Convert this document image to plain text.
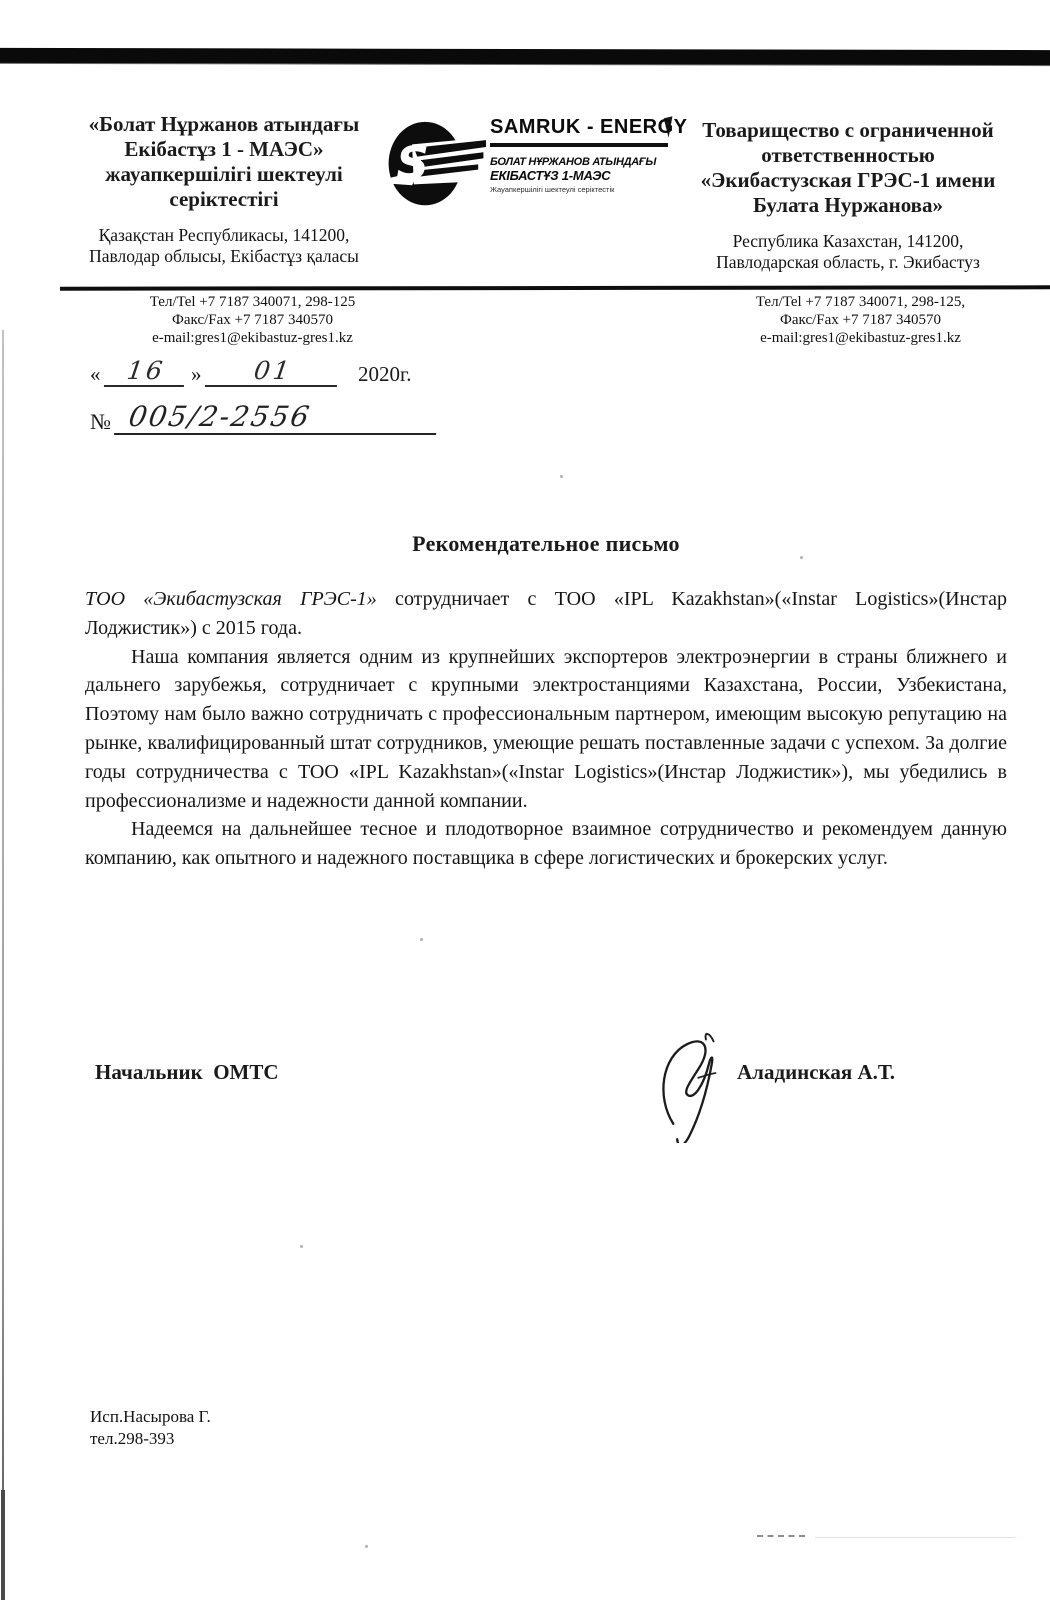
«Болат Нұржанов атындағы
Екібастұз 1 - МАЭС»
жауапкершілігі шектеулі
серіктестігі
Қазақстан Республикасы, 141200,
Павлодар облысы, Екібастұз қаласы
S
SAMRUK - ENERGY
БОЛАТ НҰРЖАНОВ АТЫНДАҒЫ
ЕКІБАСТҰЗ 1-МАЭС
Жауапкершілігі шектеулі серіктестік
Товарищество с ограниченной
ответственностью
«Экибастузская ГРЭС-1 имени
Булата Нуржанова»
Республика Казахстан, 141200,
Павлодарская область, г. Экибастуз
Тел/Tel +7 7187 340071, 298-125
Факс/Fax +7 7187 340570
e-mail:gres1@ekibastuz-gres1.kz
Тел/Tel +7 7187 340071, 298-125,
Факс/Fax +7 7187 340570
e-mail:gres1@ekibastuz-gres1.kz
« 16 » 01	2020г.
№ 005/2-2556
Рекомендательное письмо

ТОО «Экибастузская ГРЭС-1» сотрудничает с ТОО «IPL Kazakhstan»(«Instar Logistics»(Инстар Лоджистик») с 2015 года.

Наша компания является одним из крупнейших экспортеров электроэнергии в страны ближнего и дальнего зарубежья, сотрудничает с крупными электростанциями Казахстана, России, Узбекистана, Поэтому нам было важно сотрудничать с профессиональным партнером, имеющим высокую репутацию на рынке, квалифицированный штат сотрудников, умеющие решать поставленные задачи с успехом. За долгие годы сотрудничества с ТОО «IPL Kazakhstan»(«Instar Logistics»(Инстар Лоджистик»), мы убедились в профессионализме и надежности данной компании.

Надеемся на дальнейшее тесное и плодотворное взаимное сотрудничество и рекомендуем данную компанию, как опытного и надежного поставщика в сфере логистических и брокерских услуг.

Начальник  ОМТС	Аладинская А.Т.
Исп.Насырова Г.
тел.298-393
